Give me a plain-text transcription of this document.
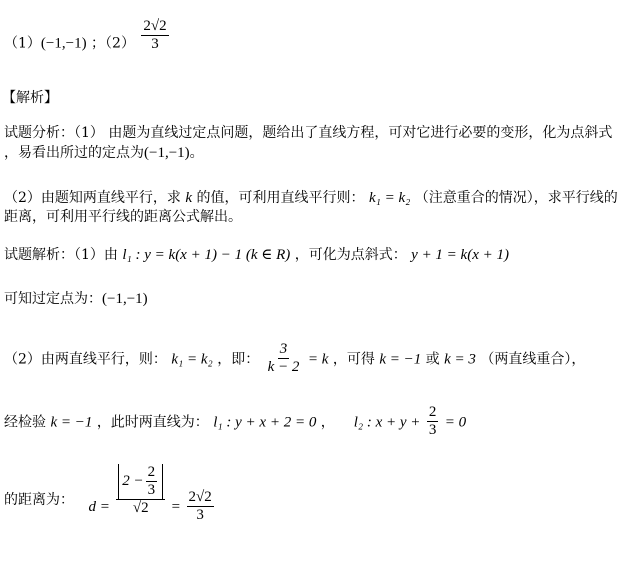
（1）(−1,−1) ；$(2) \frac{2√2}{3}$
【解析】
试题分析：（1） 由题为直线过定点问题，题给出了直线方程，可对它进行必要的变形，化为点斜式
，易看出所过的定点为(−1,−1)。
（2）由题知两直线平行，求 k 的值，可利用直线平行则： k₁ = k₂ （注意重合的情况），求平行线的
距离，可利用平行线的距离公式解出。
试题解析：（1）由 l₁ : y = k(x + 1) − 1 (k ∈ R) ，可化为点斜式： y + 1 = k(x + 1)
可知过定点为：(−1,−1)
（2）由两直线平行，则： k₁ = k₂ ，即： $\frac{3}{k - 2} = k$ ，可得 k = −1 或 k = 3 （两直线重合），
经检验 k = −1 ，此时两直线为： l₁ : y + x + 2 = 0 ， l₂ : $x + y + \frac{2}{3} = 0$
的距离为： $d = \frac{2 - \frac{2}{3}}{√2} = \frac{2√2}{3}$
